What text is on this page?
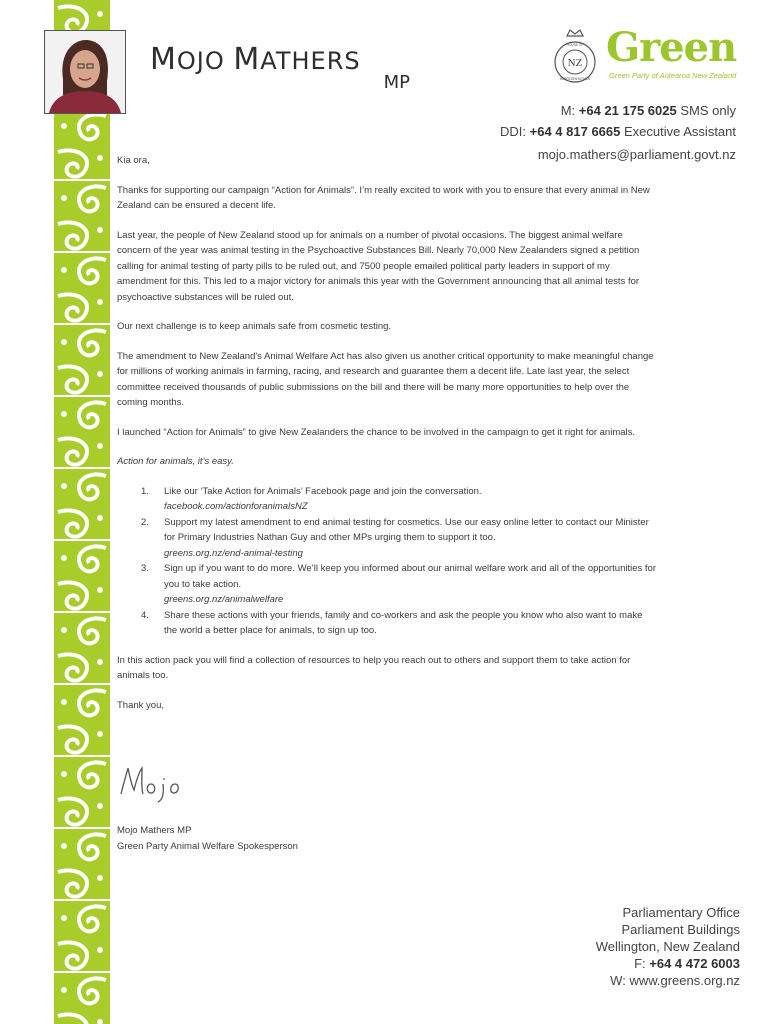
MOJO MATHERS
MP
NZ
HOUSE OF
REPRESENTATIVES
Green
Green Party of Aotearoa New Zealand
M: +64 21 175 6025 SMS only
DDI: +64 4 817 6665 Executive Assistant
mojo.mathers@parliament.govt.nz

Kia ora,

Thanks for supporting our campaign “Action for Animals”. I’m really excited to work with you to ensure that every animal in New Zealand can be ensured a decent life.

Last year, the people of New Zealand stood up for animals on a number of pivotal occasions. The biggest animal welfare concern of the year was animal testing in the Psychoactive Substances Bill. Nearly 70,000 New Zealanders signed a petition calling for animal testing of party pills to be ruled out, and 7500 people emailed political party leaders in support of my amendment for this. This led to a major victory for animals this year with the Government announcing that all animal tests for psychoactive substances will be ruled out.

Our next challenge is to keep animals safe from cosmetic testing.

The amendment to New Zealand's Animal Welfare Act has also given us another critical opportunity to make meaningful change for millions of working animals in farming, racing, and research and guarantee them a decent life. Late last year, the select committee received thousands of public submissions on the bill and there will be many more opportunities to help over the coming months.

I launched “Action for Animals” to give New Zealanders the chance to be involved in the campaign to get it right for animals.

Action for animals, it’s easy.

1. Like our ‘Take Action for Animals’ Facebook page and join the conversation.
facebook.com/actionforanimalsNZ
2. Support my latest amendment to end animal testing for cosmetics. Use our easy online letter to contact our Minister for Primary Industries Nathan Guy and other MPs urging them to support it too.
greens.org.nz/end-animal-testing
3. Sign up if you want to do more. We’ll keep you informed about our animal welfare work and all of the opportunities for you to take action.
greens.org.nz/animalwelfare
4. Share these actions with your friends, family and co-workers and ask the people you know who also want to make the world a better place for animals, to sign up too.

In this action pack you will find a collection of resources to help you reach out to others and support them to take action for animals too.

Thank you,

Mojo Mathers MP
Green Party Animal Welfare Spokesperson
Parliamentary Office
Parliament Buildings
Wellington, New Zealand
F: +64 4 472 6003
W: www.greens.org.nz
